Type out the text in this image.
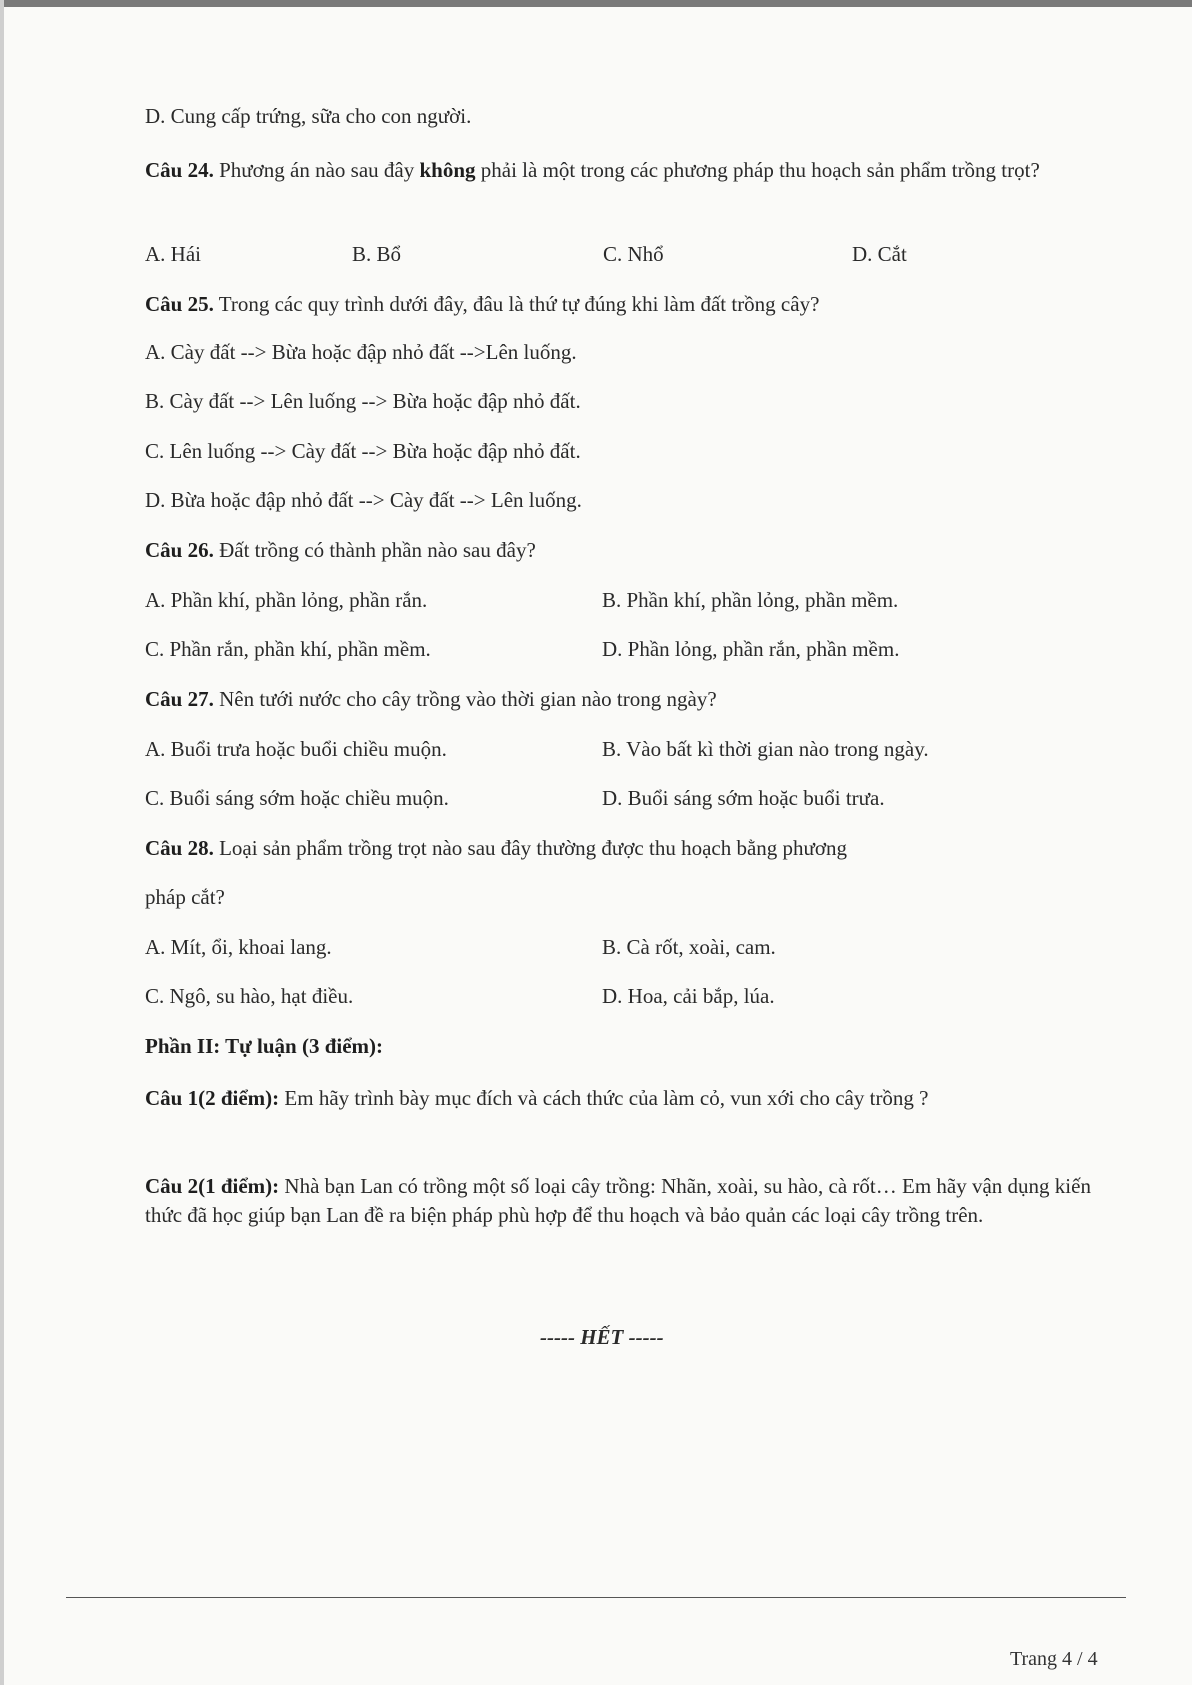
D. Cung cấp trứng, sữa cho con người.
Câu 24. Phương án nào sau đây không phải là một trong các phương pháp thu hoạch sản phẩm trồng trọt?
A. Hái	B. Bổ	C. Nhổ	D. Cắt
Câu 25. Trong các quy trình dưới đây, đâu là thứ tự đúng khi làm đất trồng cây?
A. Cày đất --> Bừa hoặc đập nhỏ đất -->Lên luống.
B. Cày đất --> Lên luống --> Bừa hoặc đập nhỏ đất.
C. Lên luống --> Cày đất --> Bừa hoặc đập nhỏ đất.
D. Bừa hoặc đập nhỏ đất --> Cày đất --> Lên luống.
Câu 26. Đất trồng có thành phần nào sau đây?
A. Phần khí, phần lỏng, phần rắn.	B. Phần khí, phần lỏng, phần mềm.
C. Phần rắn, phần khí, phần mềm.	D. Phần lỏng, phần rắn, phần mềm.
Câu 27. Nên tưới nước cho cây trồng vào thời gian nào trong ngày?
A. Buổi trưa hoặc buổi chiều muộn.	B. Vào bất kì thời gian nào trong ngày.
C. Buổi sáng sớm hoặc chiều muộn.	D. Buổi sáng sớm hoặc buổi trưa.
Câu 28. Loại sản phẩm trồng trọt nào sau đây thường được thu hoạch bằng phương
pháp cắt?
A. Mít, ổi, khoai lang.	B. Cà rốt, xoài, cam.
C. Ngô, su hào, hạt điều.	D. Hoa, cải bắp, lúa.
Phần II: Tự luận (3 điểm):
Câu 1(2 điểm): Em hãy trình bày mục đích và cách thức của làm cỏ, vun xới cho cây trồng ?
Câu 2(1 điểm): Nhà bạn Lan có trồng một số loại cây trồng: Nhãn, xoài, su hào, cà rốt… Em hãy vận dụng kiến thức đã học giúp bạn Lan đề ra biện pháp phù hợp để thu hoạch và bảo quản các loại cây trồng trên.
----- HẾT -----
Trang 4 / 4
